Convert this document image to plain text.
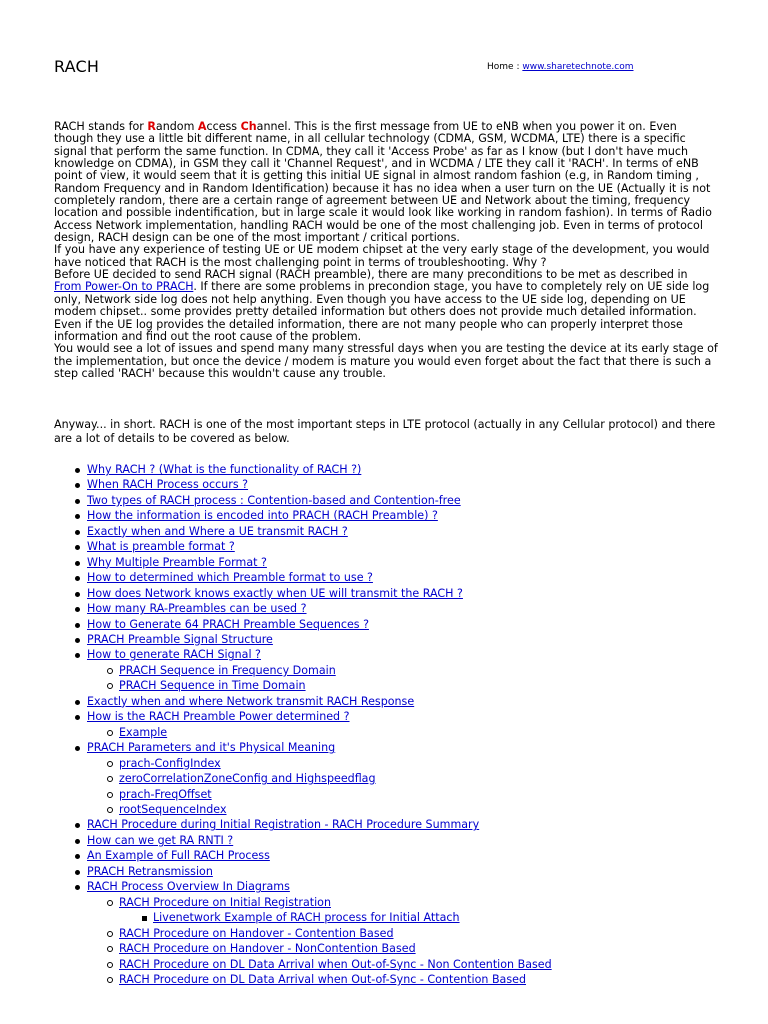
RACH	Home : www.sharetechnote.com

RACH stands for Random Access Channel. This is the first message from UE to eNB when you power it on. Even though they use a little bit different name, in all cellular technology (CDMA, GSM, WCDMA, LTE) there is a specific signal that perform the same function. In CDMA, they call it 'Access Probe' as far as I know (but I don't have much knowledge on CDMA), in GSM they call it 'Channel Request', and in WCDMA / LTE they call it 'RACH'. In terms of eNB point of view, it would seem that it is getting this initial UE signal in almost random fashion (e.g, in Random timing , Random Frequency and in Random Identification) because it has no idea when a user turn on the UE (Actually it is not completely random, there are a certain range of agreement between UE and Network about the timing, frequency location and possible indentification, but in large scale it would look like working in random fashion). In terms of Radio Access Network implementation, handling RACH would be one of the most challenging job. Even in terms of protocol design, RACH design can be one of the most important / critical portions.

If you have any experience of testing UE or UE modem chipset at the very early stage of the development, you would have noticed that RACH is the most challenging point in terms of troubleshooting. Why ?

Before UE decided to send RACH signal (RACH preamble), there are many preconditions to be met as described in From Power-On to PRACH. If there are some problems in precondion stage, you have to completely rely on UE side log only, Network side log does not help anything. Even though you have access to the UE side log, depending on UE modem chipset.. some provides pretty detailed information but others does not provide much detailed information. Even if the UE log provides the detailed information, there are not many people who can properly interpret those information and find out the root cause of the problem.

You would see a lot of issues and spend many many stressful days when you are testing the device at its early stage of the implementation, but once the device / modem is mature you would even forget about the fact that there is such a step called 'RACH' because this wouldn't cause any trouble.

Anyway... in short. RACH is one of the most important steps in LTE protocol (actually in any Cellular protocol) and there are a lot of details to be covered as below.
Why RACH ? (What is the functionality of RACH ?)
When RACH Process occurs ?
Two types of RACH process : Contention-based and Contention-free
How the information is encoded into PRACH (RACH Preamble) ?
Exactly when and Where a UE transmit RACH ?
What is preamble format ?
Why Multiple Preamble Format ?
How to determined which Preamble format to use ?
How does Network knows exactly when UE will transmit the RACH ?
How many RA-Preambles can be used ?
How to Generate 64 PRACH Preamble Sequences ?
PRACH Preamble Signal Structure
How to generate RACH Signal ?
PRACH Sequence in Frequency Domain
PRACH Sequence in Time Domain
Exactly when and where Network transmit RACH Response
How is the RACH Preamble Power determined ?
Example
PRACH Parameters and it's Physical Meaning
prach-ConfigIndex
zeroCorrelationZoneConfig and Highspeedflag
prach-FreqOffset
rootSequenceIndex
RACH Procedure during Initial Registration - RACH Procedure Summary
How can we get RA RNTI ?
An Example of Full RACH Process
PRACH Retransmission
RACH Process Overview In Diagrams
RACH Procedure on Initial Registration
Livenetwork Example of RACH process for Initial Attach
RACH Procedure on Handover - Contention Based
RACH Procedure on Handover - NonContention Based
RACH Procedure on DL Data Arrival when Out-of-Sync - Non Contention Based
RACH Procedure on DL Data Arrival when Out-of-Sync - Contention Based
